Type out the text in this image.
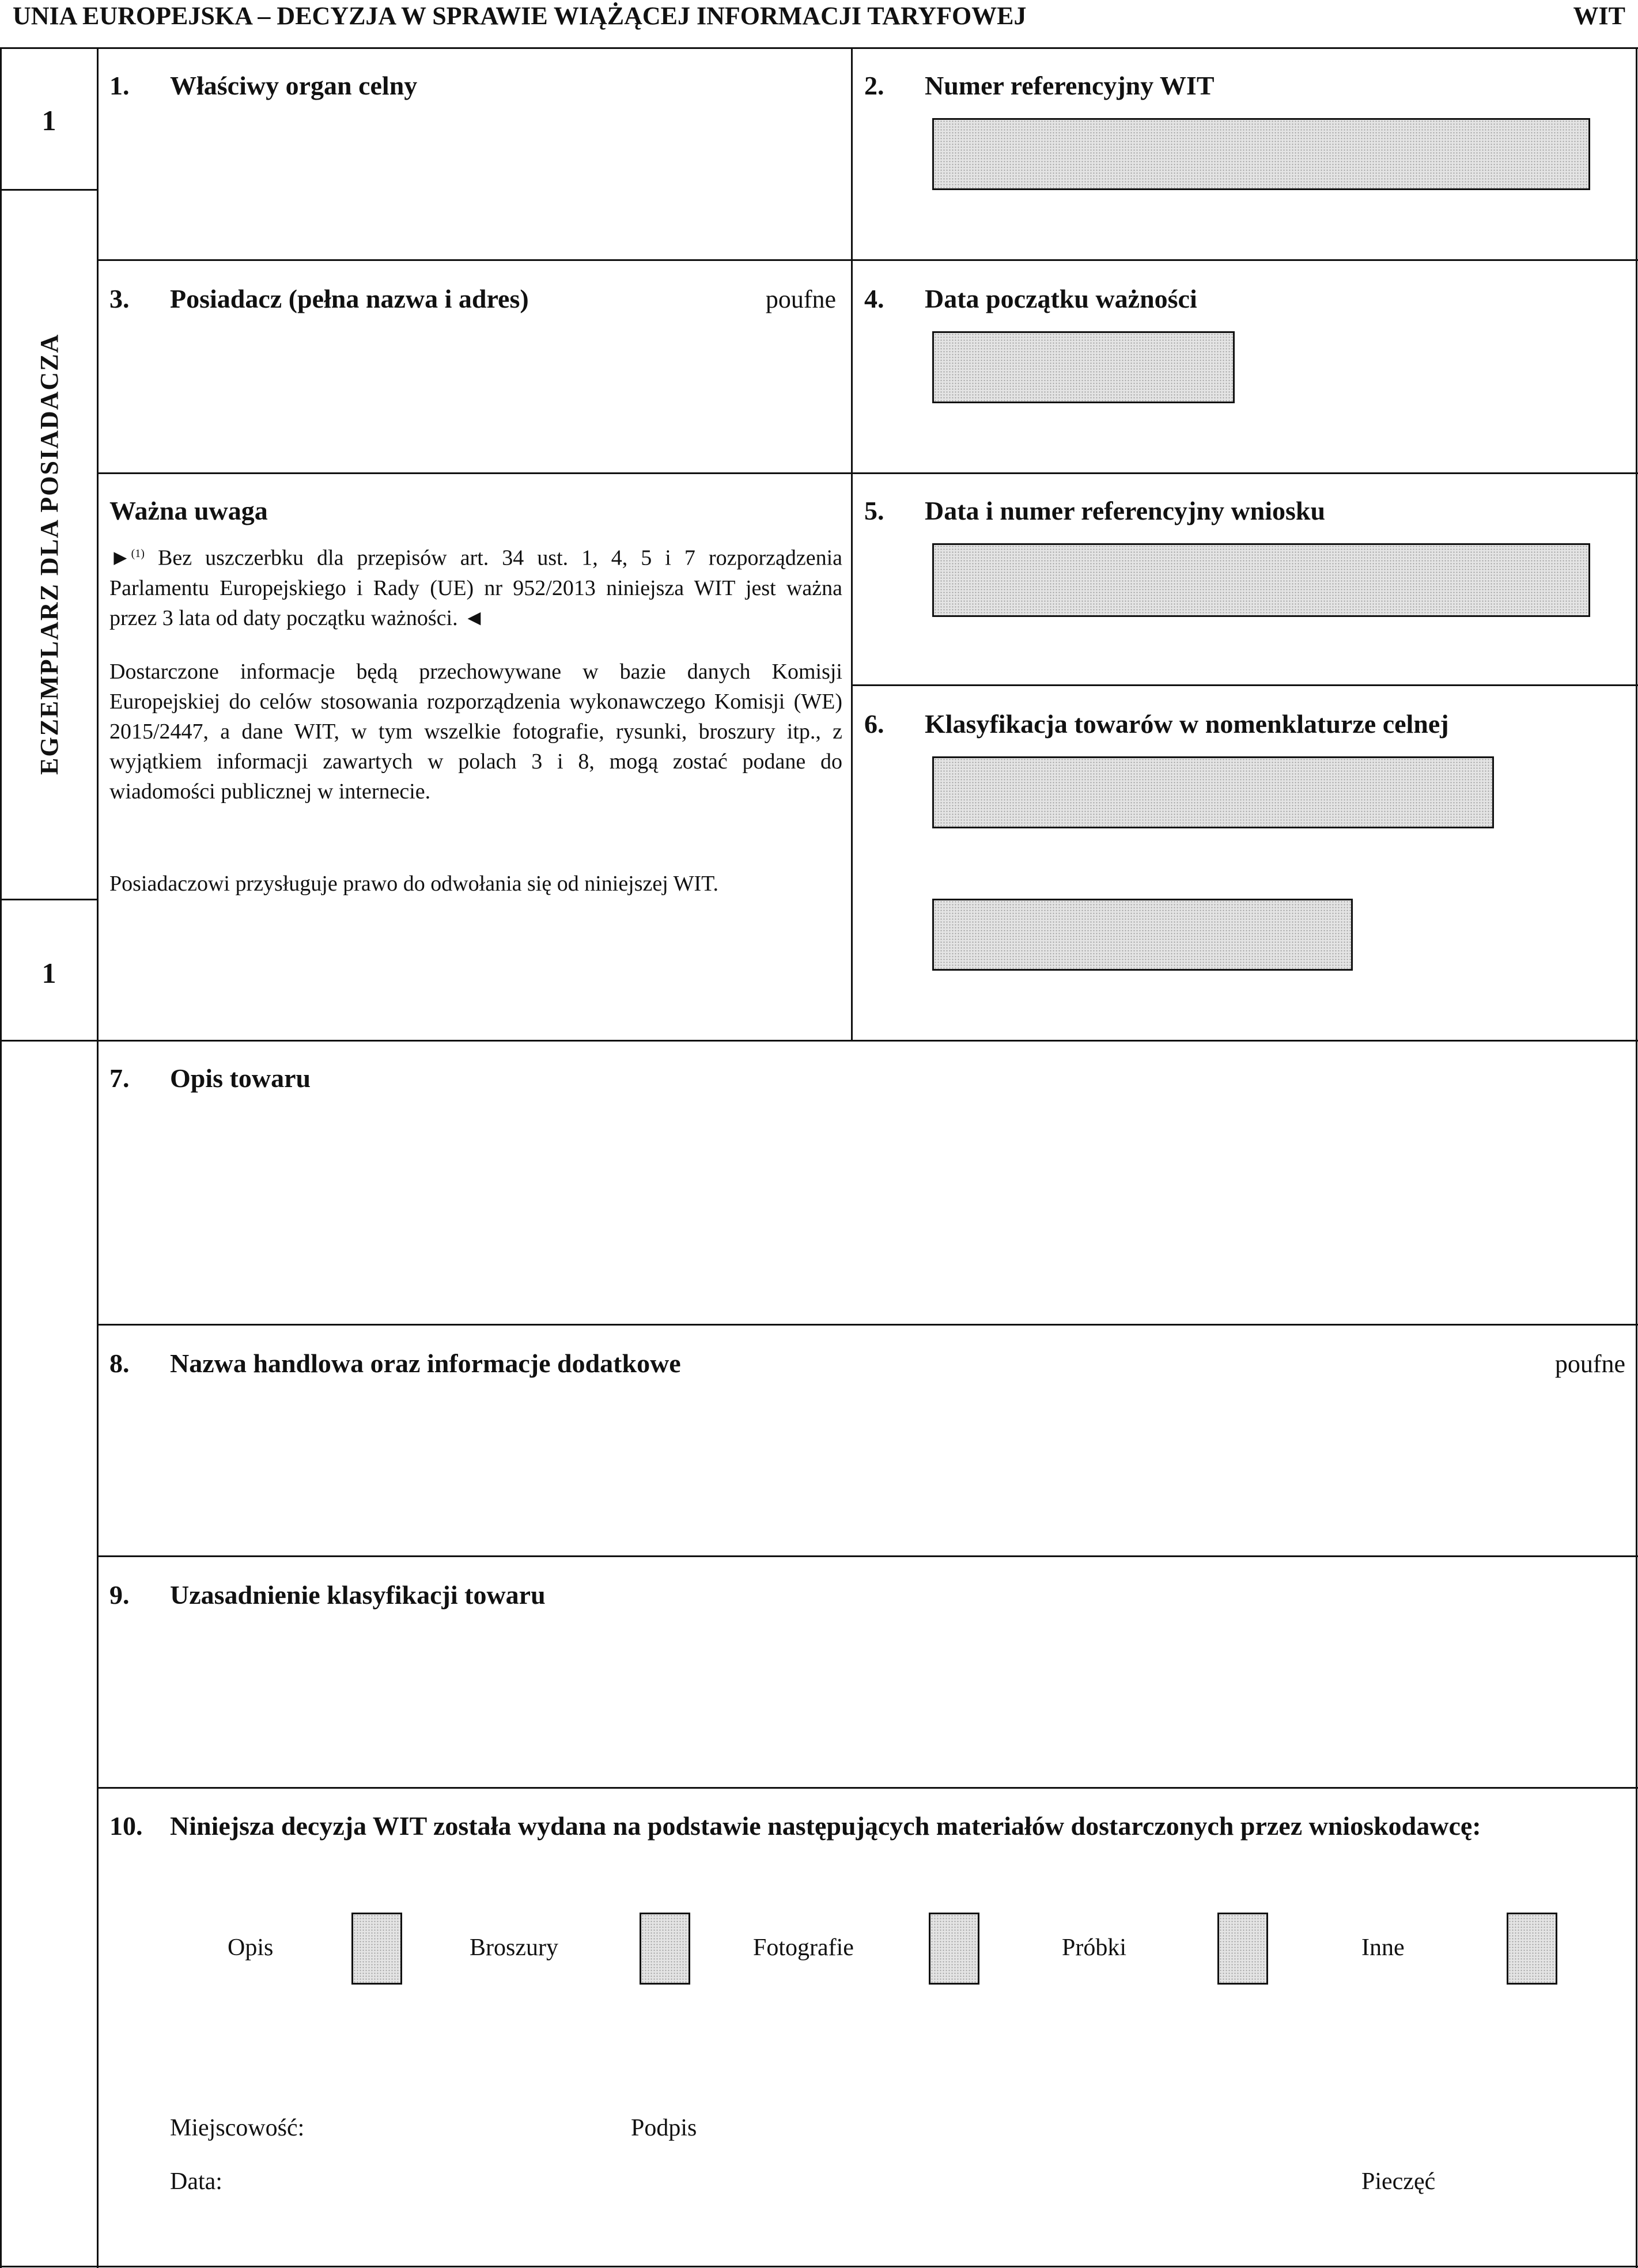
UNIA EUROPEJSKA – DECYZJA W SPRAWIE WIĄŻĄCEJ INFORMACJI TARYFOWEJ	WIT
1
EGZEMPLARZ DLA POSIADACZA
1
1. Właściwy organ celny	2. Numer referencyjny WIT
3. Posiadacz (pełna nazwa i adres)	poufne 4. Data początku ważności
Ważna uwaga
►$^{(1)}$ Bez uszczerbku dla przepisów art. 34 ust. 1, 4, 5 i 7 rozporządzenia Parlamentu Europejskiego i Rady (UE) nr 952/2013 niniejsza WIT jest ważna przez 3 lata od daty początku ważności. ◄
Dostarczone informacje będą przechowywane w bazie danych Komisji Europejskiej do celów stosowania rozporządzenia wykonawczego Komisji (WE) 2015/2447, a dane WIT, w tym wszelkie fotografie, rysunki, broszury itp., z wyjątkiem informacji zawartych w polach 3 i 8, mogą zostać podane do wiadomości publicznej w internecie.
Posiadaczowi przysługuje prawo do odwołania się od niniejszej WIT.
5. Data i numer referencyjny wniosku
6. Klasyfikacja towarów w nomenklaturze celnej
7. Opis towaru
8. Nazwa handlowa oraz informacje dodatkowe	poufne
9. Uzasadnienie klasyfikacji towaru
10. Niniejsza decyzja WIT została wydana na podstawie następujących materiałów dostarczonych przez wnioskodawcę:
Opis	Broszury	Fotografie	Próbki	Inne
Miejscowość:	Podpis
Data:	Pieczęć
